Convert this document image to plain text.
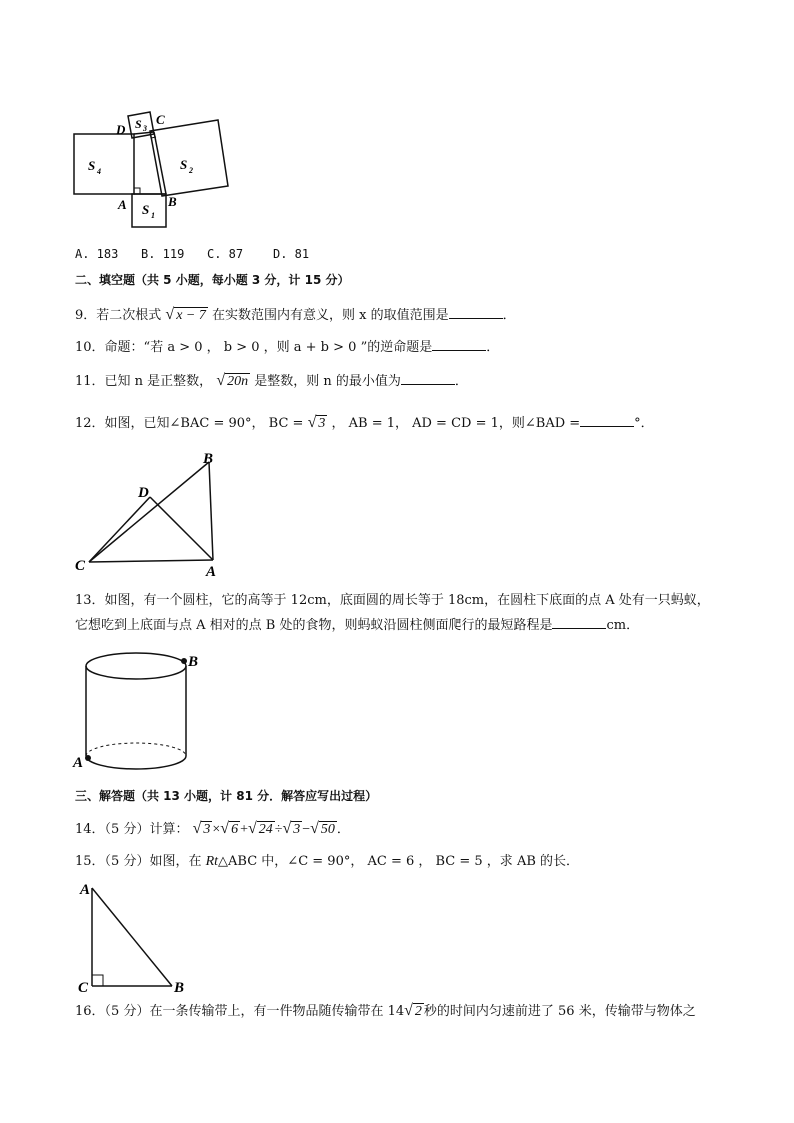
D
C
A	B
S 3
S 4	S 2
S 1
A. 183 B. 119 C. 87 D. 81
二、填空题（共 5 小题，每小题 3 分，计 15 分）
9．若二次根式 √ x − 7 在实数范围内有意义，则 x 的取值范围是	．
10．命题：“若 a > 0 ， b > 0 ，则 a + b > 0 ”的逆命题是	．
11．已知 n 是正整数， √ 20n 是整数，则 n 的最小值为	．
12．如图，已知∠BAC = 90°， BC = √ 3 ， AB = 1， AD = CD = 1，则∠BAD =	°．
B
D
C	A
13．如图，有一个圆柱，它的高等于 12cm，底面圆的周长等于 18cm，在圆柱下底面的点 A 处有一只蚂蚁，
它想吃到上底面与点 A 相对的点 B 处的食物，则蚂蚁沿圆柱侧面爬行的最短路程是	cm．
B
A
三、解答题（共 13 小题，计 81 分．解答应写出过程）
14．（5 分）计算： √ 3 ×√ 6 +√ 24 ÷√ 3 −√ 50 ．
15．（5 分）如图，在 Rt△ABC 中，∠C = 90°， AC = 6 ， BC = 5 ，求 AB 的长．
A
C	B
16．（5 分）在一条传输带上，有一件物品随传输带在 14√ 2 秒的时间内匀速前进了 56 米，传输带与物体之
